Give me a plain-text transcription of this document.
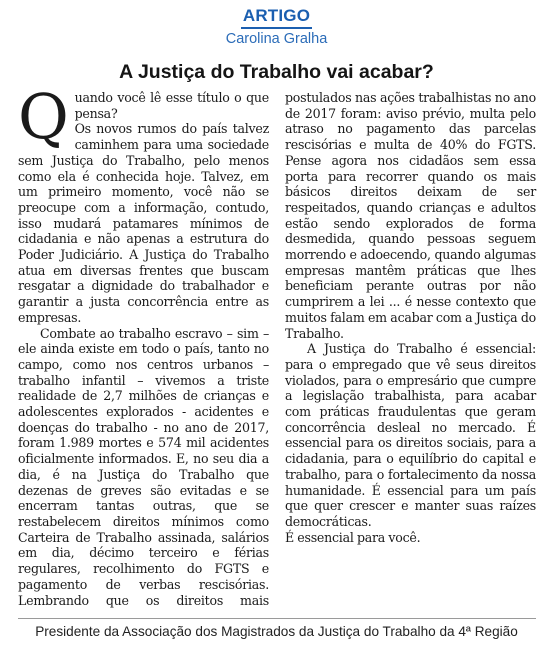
ARTIGO
Carolina Gralha
A Justiça do Trabalho vai acabar?

Quando você lê esse título o que pensa?

Os novos rumos do país talvez caminhem para uma sociedade sem Justiça do Trabalho, pelo menos como ela é conhecida hoje. Talvez, em um primeiro momento, você não se preocupe com a informação, contudo, isso mudará patamares mínimos de cidadania e não apenas a estrutura do Poder Judiciário. A Justiça do Trabalho atua em diversas frentes que buscam resgatar a dignidade do trabalhador e garantir a justa concorrência entre as empresas.

Combate ao trabalho escravo – sim – ele ainda existe em todo o país, tanto no campo, como nos centros urbanos – trabalho infantil – vivemos a triste realidade de 2,7 milhões de crianças e adolescentes explorados - acidentes e doenças do trabalho - no ano de 2017, foram 1.989 mortes e 574 mil acidentes oficialmente informados. E, no seu dia a dia, é na Justiça do Trabalho que dezenas de greves são evitadas e se encerram tantas outras, que se restabelecem direitos mínimos como Carteira de Trabalho assinada, salários em dia, décimo terceiro e férias regulares, recolhimento do FGTS e pagamento de verbas rescisórias. Lembrando que os direitos mais postulados nas ações trabalhistas no ano de 2017 foram: aviso prévio, multa pelo atraso no pagamento das parcelas rescisórias e multa de 40% do FGTS. Pense agora nos cidadãos sem essa porta para recorrer quando os mais básicos direitos deixam de ser respeitados, quando crianças e adultos estão sendo explorados de forma desmedida, quando pessoas seguem morrendo e adoecendo, quando algumas empresas mantêm práticas que lhes beneficiam perante outras por não cumprirem a lei ... é nesse contexto que muitos falam em acabar com a Justiça do Trabalho.

A Justiça do Trabalho é essencial: para o empregado que vê seus direitos violados, para o empresário que cumpre a legislação trabalhista, para acabar com práticas fraudulentas que geram concorrência desleal no mercado. É essencial para os direitos sociais, para a cidadania, para o equilíbrio do capital e trabalho, para o fortalecimento da nossa humanidade. É essencial para um país que quer crescer e manter suas raízes democráticas.

É essencial para você.

Presidente da Associação dos Magistrados da Justiça do Trabalho da 4ª Região
